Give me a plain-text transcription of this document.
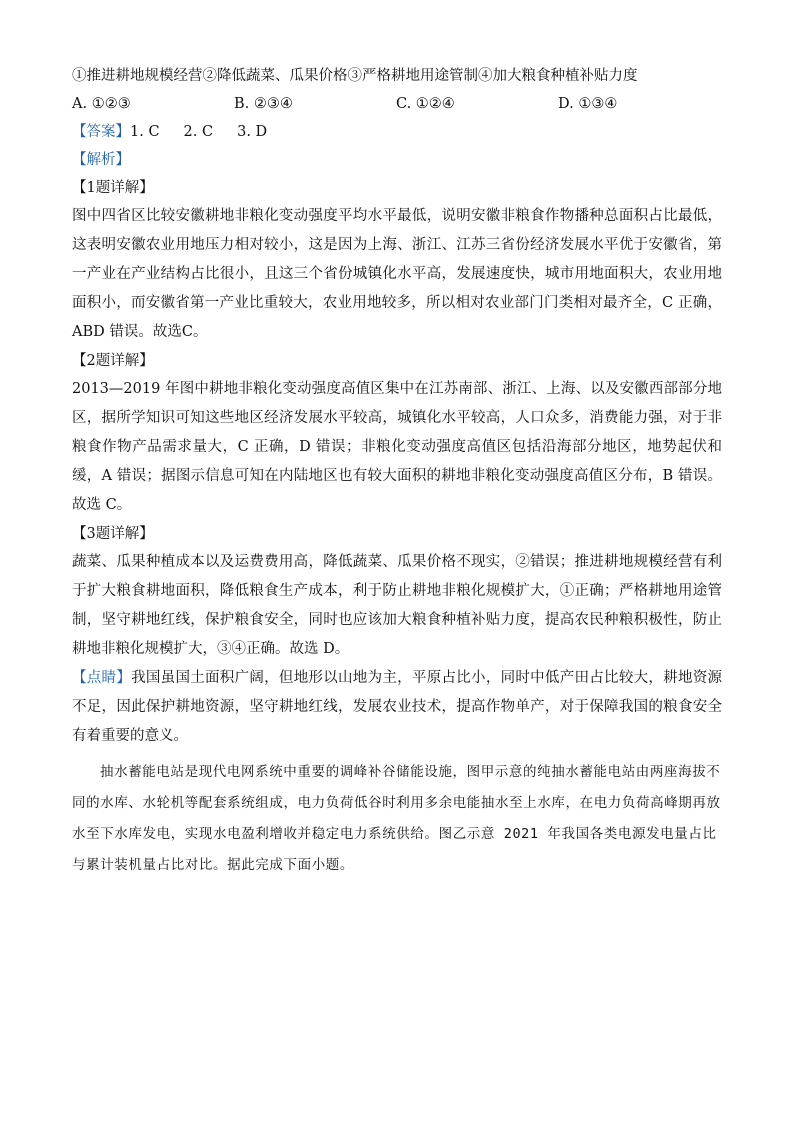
①推进耕地规模经营②降低蔬菜、瓜果价格③严格耕地用途管制④加大粮食种植补贴力度
A. ①②③	B. ②③④	C. ①②④	D. ①③④
【答案】1. C 2. C 3. D
【解析】
【1题详解】
图中四省区比较安徽耕地非粮化变动强度平均水平最低，说明安徽非粮食作物播种总面积占比最低，这表明安徽农业用地压力相对较小，这是因为上海、浙江、江苏三省份经济发展水平优于安徽省，第一产业在产业结构占比很小，且这三个省份城镇化水平高，发展速度快，城市用地面积大，农业用地面积小，而安徽省第一产业比重较大，农业用地较多，所以相对农业部门门类相对最齐全，C 正确，ABD 错误。故选C。
【2题详解】
2013—2019 年图中耕地非粮化变动强度高值区集中在江苏南部、浙江、上海、以及安徽西部部分地区，据所学知识可知这些地区经济发展水平较高，城镇化水平较高，人口众多，消费能力强，对于非粮食作物产品需求量大，C 正确，D 错误；非粮化变动强度高值区包括沿海部分地区，地势起伏和缓，A 错误；据图示信息可知在内陆地区也有较大面积的耕地非粮化变动强度高值区分布，B 错误。故选 C。
【3题详解】
蔬菜、瓜果种植成本以及运费费用高，降低蔬菜、瓜果价格不现实，②错误；推进耕地规模经营有利于扩大粮食耕地面积，降低粮食生产成本，利于防止耕地非粮化规模扩大，①正确；严格耕地用途管制，坚守耕地红线，保护粮食安全，同时也应该加大粮食种植补贴力度，提高农民种粮积极性，防止耕地非粮化规模扩大，③④正确。故选 D。
【点睛】我国虽国土面积广阔，但地形以山地为主，平原占比小，同时中低产田占比较大，耕地资源不足，因此保护耕地资源，坚守耕地红线，发展农业技术，提高作物单产，对于保障我国的粮食安全有着重要的意义。
抽水蓄能电站是现代电网系统中重要的调峰补谷储能设施，图甲示意的纯抽水蓄能电站由两座海拔不同的水库、水轮机等配套系统组成，电力负荷低谷时利用多余电能抽水至上水库，在电力负荷高峰期再放水至下水库发电，实现水电盈利增收并稳定电力系统供给。图乙示意 2021 年我国各类电源发电量占比与累计装机量占比对比。据此完成下面小题。
